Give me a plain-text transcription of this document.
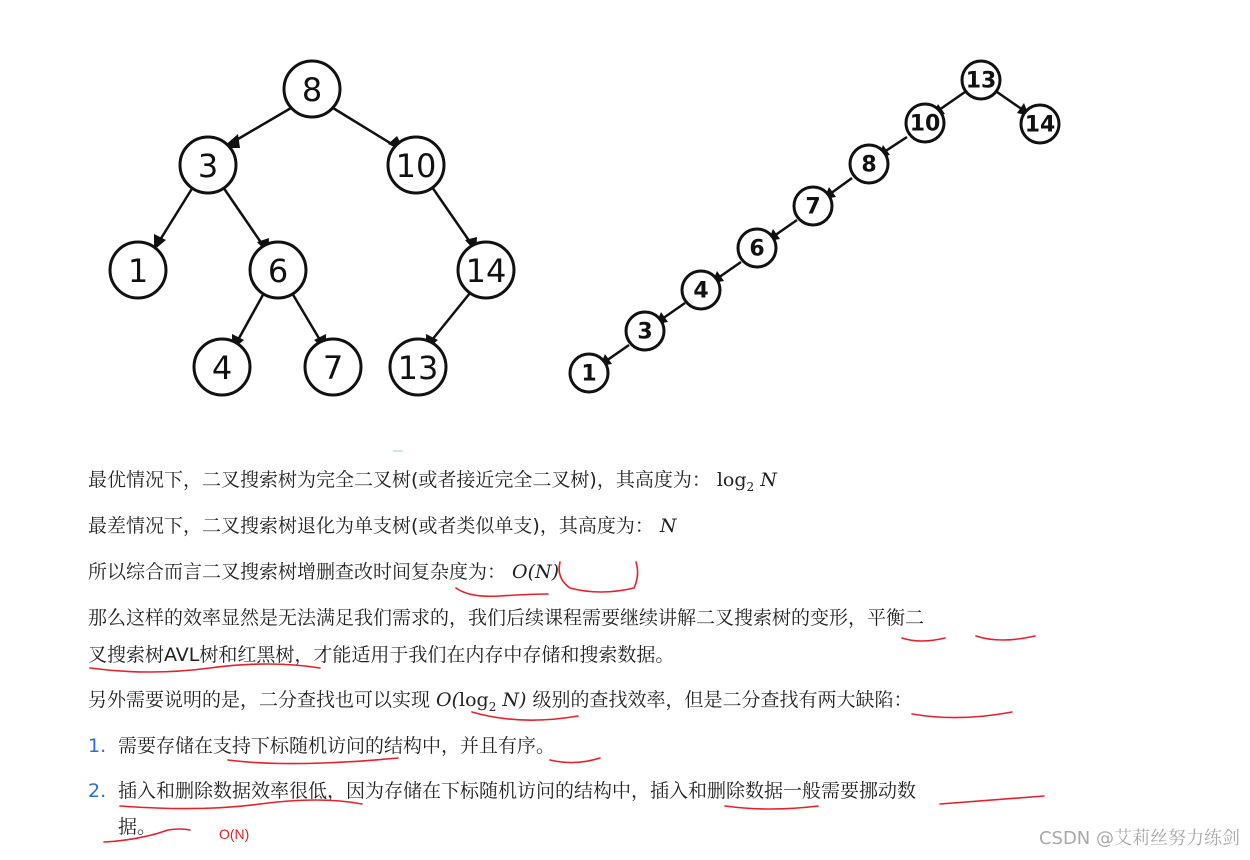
8
3	10
1	6	14
4	7 13
13
10	14
8
7
6
4
3
1
最优情况下，二叉搜索树为完全二叉树(或者接近完全二叉树)，其高度为： $\log_2 N$
最差情况下，二叉搜索树退化为单支树(或者类似单支)，其高度为： N
所以综合而言二叉搜索树增删查改时间复杂度为： O(N)
那么这样的效率显然是无法满足我们需求的，我们后续课程需要继续讲解二叉搜索树的变形，平衡二
叉搜索树AVL树和红黑树，才能适用于我们在内存中存储和搜索数据。
另外需要说明的是，二分查找也可以实现 $O(\log_2$ N) 级别的查找效率，但是二分查找有两大缺陷：
1. 需要存储在支持下标随机访问的结构中，并且有序。
2. 插入和删除数据效率很低，因为存储在下标随机访问的结构中，插入和删除数据一般需要挪动数
据。	O(N)	CSDN @艾莉丝努力练剑
